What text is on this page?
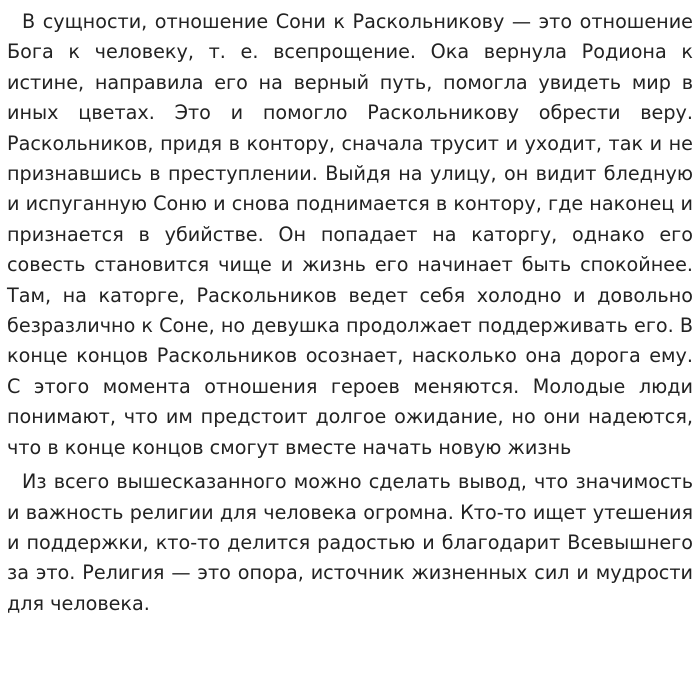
В сущности, отношение Сони к Раскольникову — это отношение Бога к человеку, т. е. всепрощение. Ока вернула Родиона к истине, направила его на верный путь, помогла увидеть мир в иных цветах. Это и помогло Раскольникову обрести веру. Раскольников, придя в контору, сначала трусит и уходит, так и не признавшись в преступлении. Выйдя на улицу, он видит бледную и испуганную Соню и снова поднимается в контору, где наконец и признается в убийстве. Он попадает на каторгу, однако его совесть становится чище и жизнь его начинает быть спокойнее. Там, на каторге, Раскольников ведет себя холодно и довольно безразлично к Соне, но девушка продолжает поддерживать его. В конце концов Раскольников осознает, насколько она дорога ему. С этого момента отношения героев меняются. Молодые люди понимают, что им предстоит долгое ожидание, но они надеются, что в конце концов смогут вместе начать новую жизнь

Из всего вышесказанного можно сделать вывод, что значимость и важность религии для человека огромна. Кто-то ищет утешения и поддержки, кто-то делится радостью и благодарит Всевышнего за это. Религия — это опора, источник жизненных сил и мудрости для человека.
